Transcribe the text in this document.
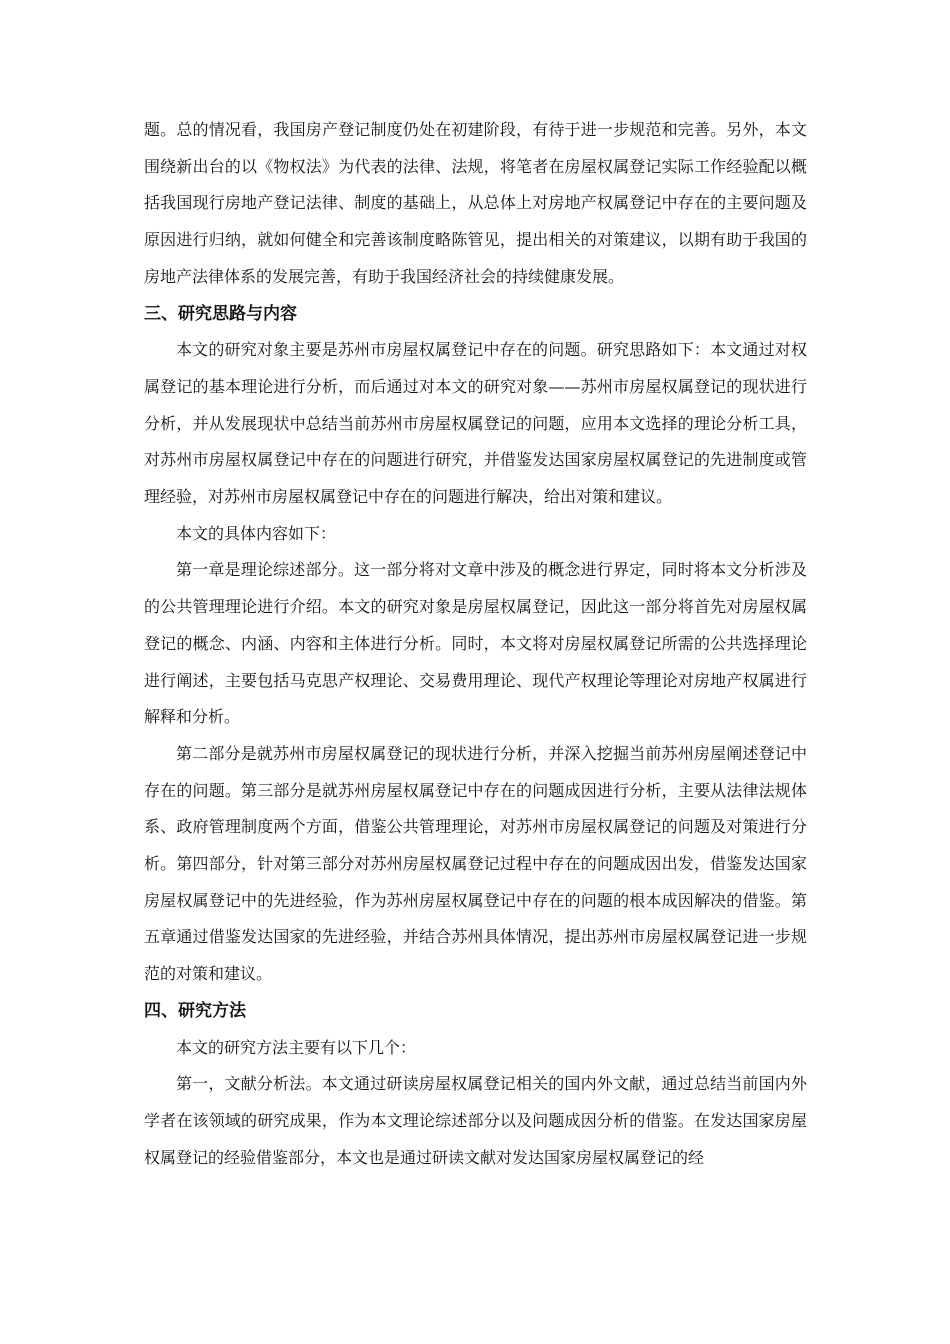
题。总的情况看，我国房产登记制度仍处在初建阶段，有待于进一步规范和完善。另外，本文围绕新出台的以《物权法》为代表的法律、法规，将笔者在房屋权属登记实际工作经验配以概括我国现行房地产登记法律、制度的基础上，从总体上对房地产权属登记中存在的主要问题及原因进行归纳，就如何健全和完善该制度略陈管见，提出相关的对策建议，以期有助于我国的房地产法律体系的发展完善，有助于我国经济社会的持续健康发展。

三、研究思路与内容

本文的研究对象主要是苏州市房屋权属登记中存在的问题。研究思路如下：本文通过对权属登记的基本理论进行分析，而后通过对本文的研究对象——苏州市房屋权属登记的现状进行分析，并从发展现状中总结当前苏州市房屋权属登记的问题，应用本文选择的理论分析工具，对苏州市房屋权属登记中存在的问题进行研究，并借鉴发达国家房屋权属登记的先进制度或管理经验，对苏州市房屋权属登记中存在的问题进行解决，给出对策和建议。

本文的具体内容如下：

第一章是理论综述部分。这一部分将对文章中涉及的概念进行界定，同时将本文分析涉及的公共管理理论进行介绍。本文的研究对象是房屋权属登记，因此这一部分将首先对房屋权属登记的概念、内涵、内容和主体进行分析。同时，本文将对房屋权属登记所需的公共选择理论进行阐述，主要包括马克思产权理论、交易费用理论、现代产权理论等理论对房地产权属进行解释和分析。

第二部分是就苏州市房屋权属登记的现状进行分析，并深入挖掘当前苏州房屋阐述登记中存在的问题。第三部分是就苏州房屋权属登记中存在的问题成因进行分析，主要从法律法规体系、政府管理制度两个方面，借鉴公共管理理论，对苏州市房屋权属登记的问题及对策进行分析。第四部分，针对第三部分对苏州房屋权属登记过程中存在的问题成因出发，借鉴发达国家房屋权属登记中的先进经验，作为苏州房屋权属登记中存在的问题的根本成因解决的借鉴。第五章通过借鉴发达国家的先进经验，并结合苏州具体情况，提出苏州市房屋权属登记进一步规范的对策和建议。

四、研究方法

本文的研究方法主要有以下几个：

第一，文献分析法。本文通过研读房屋权属登记相关的国内外文献，通过总结当前国内外学者在该领域的研究成果，作为本文理论综述部分以及问题成因分析的借鉴。在发达国家房屋权属登记的经验借鉴部分，本文也是通过研读文献对发达国家房屋权属登记的经
